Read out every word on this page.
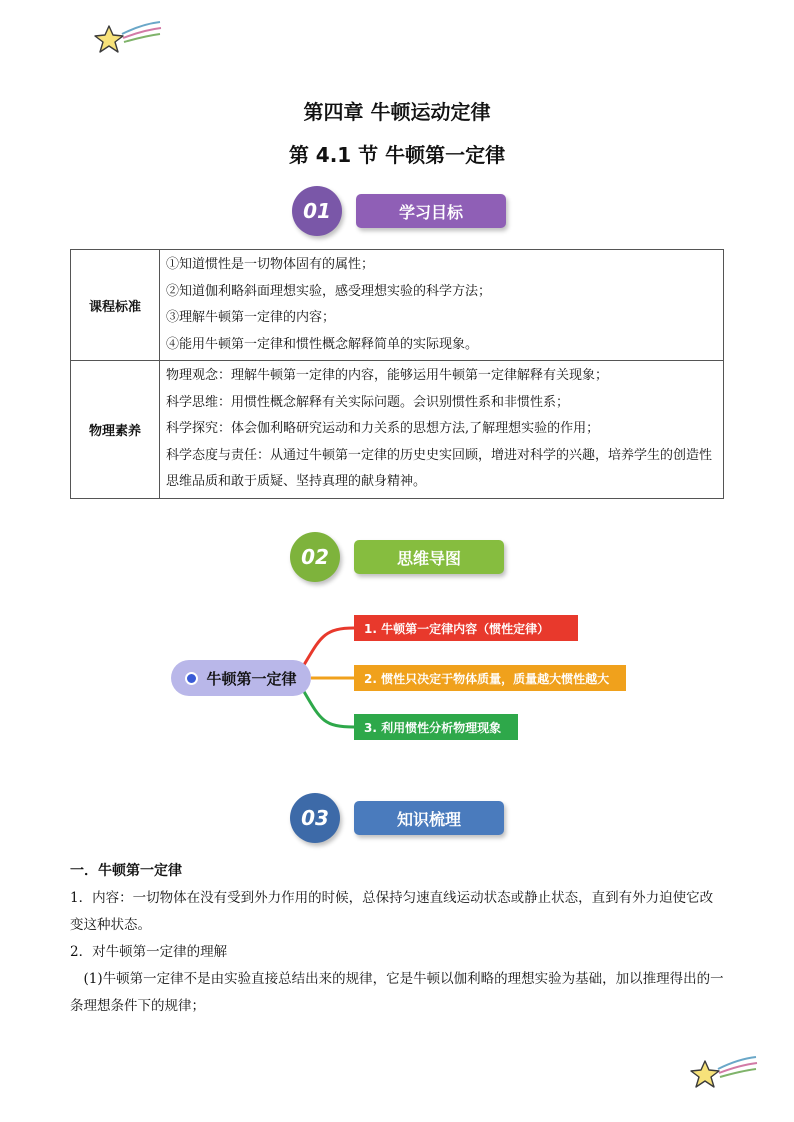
第四章 牛顿运动定律
第 4.1 节 牛顿第一定律
01	学习目标
课程标准	①知道惯性是一切物体固有的属性；
②知道伽利略斜面理想实验，感受理想实验的科学方法；
③理解牛顿第一定律的内容；
④能用牛顿第一定律和惯性概念解释简单的实际现象。

物理素养	物理观念：理解牛顿第一定律的内容，能够运用牛顿第一定律解释有关现象；
科学思维：用惯性概念解释有关实际问题。会识别惯性系和非惯性系；
科学探究：体会伽利略研究运动和力关系的思想方法,了解理想实验的作用；
科学态度与责任：从通过牛顿第一定律的历史史实回顾，增进对科学的兴趣，培养学生的创造性思维品质和敢于质疑、坚持真理的献身精神。
02	思维导图
牛顿第一定律
1. 牛顿第一定律内容（惯性定律）
2. 惯性只决定于物体质量，质量越大惯性越大
3. 利用惯性分析物理现象
03	知识梳理
一．牛顿第一定律
1．内容：一切物体在没有受到外力作用的时候，总保持匀速直线运动状态或静止状态，直到有外力迫使它改变这种状态。
2．对牛顿第一定律的理解
(1)牛顿第一定律不是由实验直接总结出来的规律，它是牛顿以伽利略的理想实验为基础，加以推理得出的一条理想条件下的规律；
